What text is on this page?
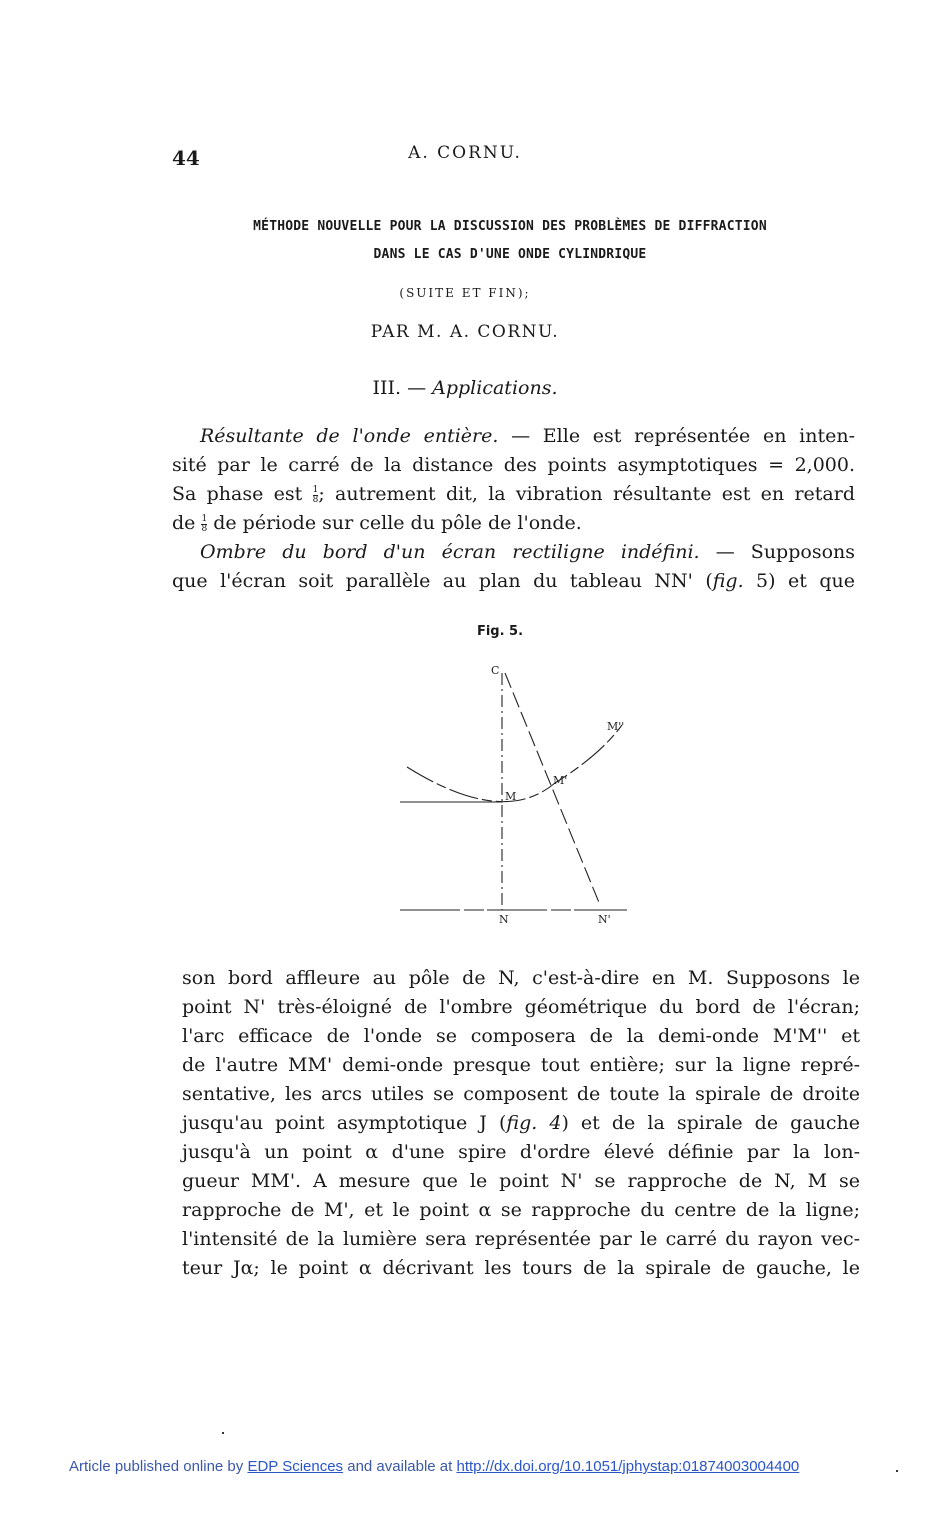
44	A. CORNU.
MÉTHODE NOUVELLE POUR LA DISCUSSION DES PROBLÈMES DE DIFFRACTION
DANS LE CAS D'UNE ONDE CYLINDRIQUE
(SUITE ET FIN);
PAR M. A. CORNU.
III. — Applications.
Résultante de l'onde entière. — Elle est représentée en inten-
sité par le carré de la distance des points asymptotiques = 2,000.
Sa phase est $\frac{1}{8}$ ; autrement dit, la vibration résultante est en retard
de $\frac{1}{8}$ de période sur celle du pôle de l'onde.
Ombre du bord d'un écran rectiligne indéfini. — Supposons
que l'écran soit parallèle au plan du tableau NN' (fig. 5) et que
Fig. 5.
C
M
M'
M''
N	N'
son bord affleure au pôle de N, c'est-à-dire en M. Supposons le
point N' très-éloigné de l'ombre géométrique du bord de l'écran;
l'arc efficace de l'onde se composera de la demi-onde M'M'' et
de l'autre MM' demi-onde presque tout entière; sur la ligne repré-
sentative, les arcs utiles se composent de toute la spirale de droite
jusqu'au point asymptotique J (fig. 4) et de la spirale de gauche
jusqu'à un point α d'une spire d'ordre élevé définie par la lon-
gueur MM'. A mesure que le point N' se rapproche de N, M se
rapproche de M', et le point α se rapproche du centre de la ligne;
l'intensité de la lumière sera représentée par le carré du rayon vec-
teur Jα; le point α décrivant les tours de la spirale de gauche, le
Article published online by EDP Sciences and available at http://dx.doi.org/10.1051/jphystap:01874003004400
